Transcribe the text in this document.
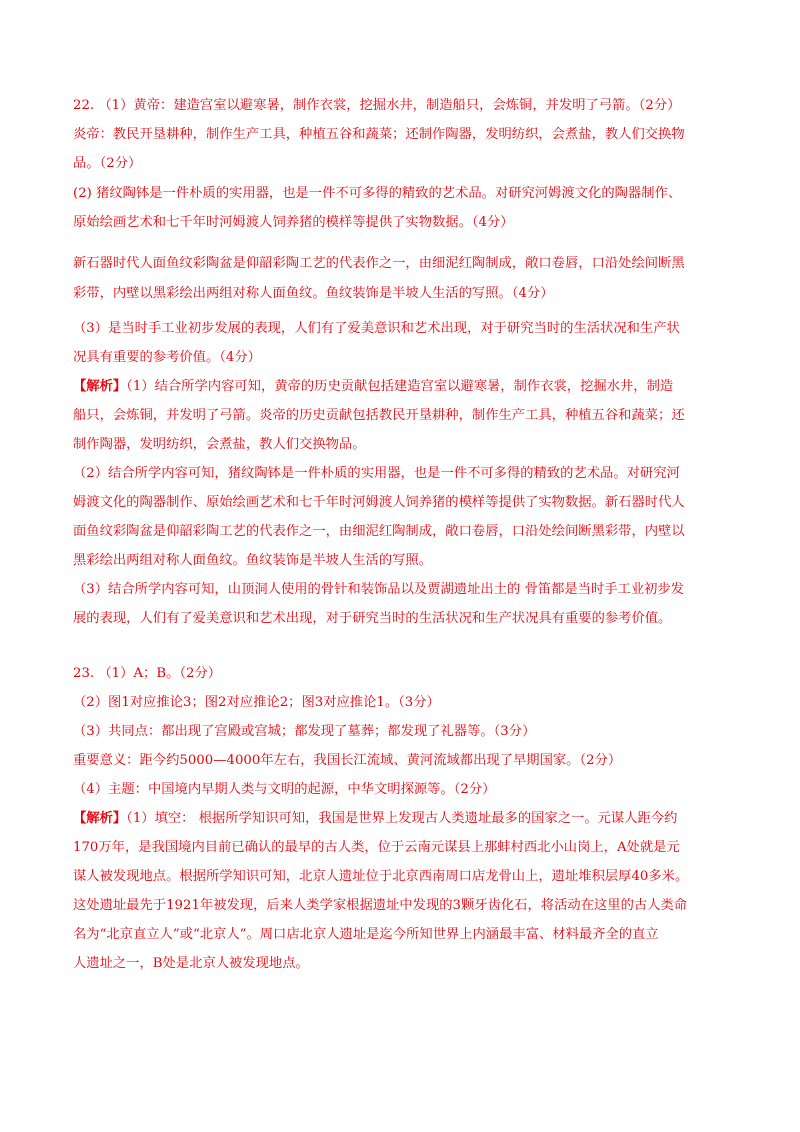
22. （1）黄帝：建造宫室以避寒暑，制作衣裳，挖掘水井，制造船只，会炼铜，并发明了弓箭。（2分）
炎帝：教民开垦耕种，制作生产工具，种植五谷和蔬菜；还制作陶器，发明纺织，会煮盐，教人们交换物
品。（2分）
(2) 猪纹陶钵是一件朴质的实用器，也是一件不可多得的精致的艺术品。对研究河姆渡文化的陶器制作、
原始绘画艺术和七千年时河姆渡人饲养猪的模样等提供了实物数据。（4分）
新石器时代人面鱼纹彩陶盆是仰韶彩陶工艺的代表作之一，由细泥红陶制成，敞口卷唇，口沿处绘间断黑
彩带，内壁以黑彩绘出两组对称人面鱼纹。鱼纹装饰是半坡人生活的写照。（4分）
（3）是当时手工业初步发展的表现，人们有了爱美意识和艺术出现，对于研究当时的生活状况和生产状
况具有重要的参考价值。（4分）
【解析】（1）结合所学内容可知，黄帝的历史贡献包括建造宫室以避寒暑，制作衣裳，挖掘水井，制造
船只，会炼铜，并发明了弓箭。炎帝的历史贡献包括教民开垦耕种，制作生产工具，种植五谷和蔬菜；还
制作陶器，发明纺织，会煮盐，教人们交换物品。
（2）结合所学内容可知，猪纹陶钵是一件朴质的实用器，也是一件不可多得的精致的艺术品。对研究河
姆渡文化的陶器制作、原始绘画艺术和七千年时河姆渡人饲养猪的模样等提供了实物数据。新石器时代人
面鱼纹彩陶盆是仰韶彩陶工艺的代表作之一，由细泥红陶制成，敞口卷唇，口沿处绘间断黑彩带，内壁以
黑彩绘出两组对称人面鱼纹。鱼纹装饰是半坡人生活的写照。
（3）结合所学内容可知，山顶洞人使用的骨针和装饰品以及贾湖遗址出土的 骨笛都是当时手工业初步发
展的表现，人们有了爱美意识和艺术出现，对于研究当时的生活状况和生产状况具有重要的参考价值。
23. （1）A；B。（2分）
（2）图1对应推论3；图2对应推论2；图3对应推论1。（3分）
（3）共同点：都出现了宫殿或宫城；都发现了墓葬；都发现了礼器等。（3分）
重要意义：距今约5000—4000年左右，我国长江流域、黄河流域都出现了早期国家。（2分）
（4）主题：中国境内早期人类与文明的起源，中华文明探源等。（2分）
【解析】（1）填空： 根据所学知识可知，我国是世界上发现古人类遗址最多的国家之一。元谋人距今约
170万年，是我国境内目前已确认的最早的古人类，位于云南元谋县上那蚌村西北小山岗上，A处就是元
谋人被发现地点。根据所学知识可知，北京人遗址位于北京西南周口店龙骨山上，遗址堆积层厚40多米。
这处遗址最先于1921年被发现，后来人类学家根据遗址中发现的3颗牙齿化石，将活动在这里的古人类命
名为“北京直立人”或“北京人”。周口店北京人遗址是迄今所知世界上内涵最丰富、材料最齐全的直立
人遗址之一，B处是北京人被发现地点。
